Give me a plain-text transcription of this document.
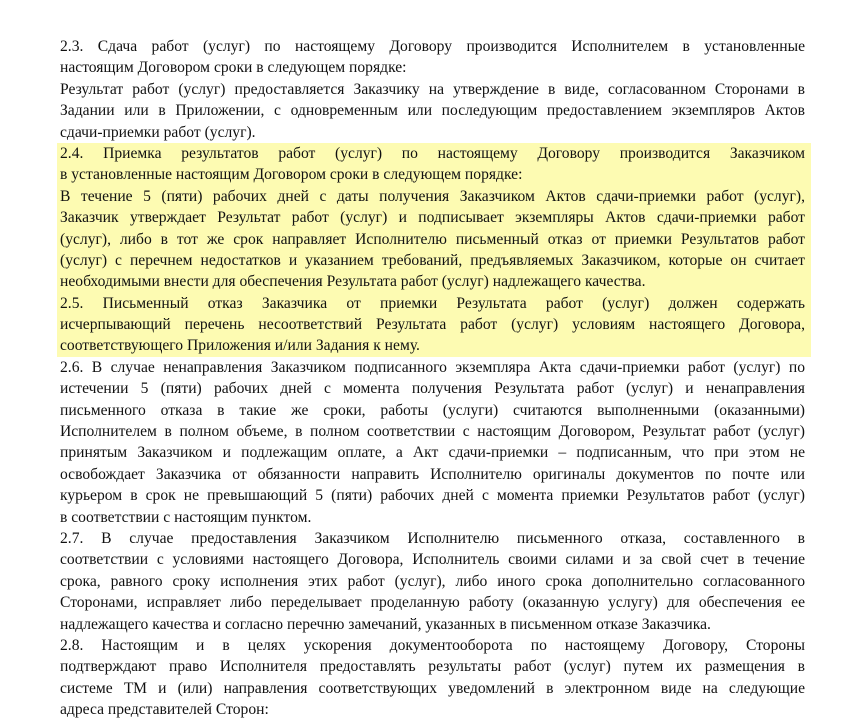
2.3. Сдача работ (услуг) по настоящему Договору производится Исполнителем в установленные
настоящим Договором сроки в следующем порядке:
Результат работ (услуг) предоставляется Заказчику на утверждение в виде, согласованном Сторонами в
Задании или в Приложении, с одновременным или последующим предоставлением экземпляров Актов
сдачи-приемки работ (услуг).
2.4. Приемка результатов работ (услуг) по настоящему Договору производится Заказчиком
в установленные настоящим Договором сроки в следующем порядке:
В течение 5 (пяти) рабочих дней с даты получения Заказчиком Актов сдачи-приемки работ (услуг),
Заказчик утверждает Результат работ (услуг) и подписывает экземпляры Актов сдачи-приемки работ
(услуг), либо в тот же срок направляет Исполнителю письменный отказ от приемки Результатов работ
(услуг) с перечнем недостатков и указанием требований, предъявляемых Заказчиком, которые он считает
необходимыми внести для обеспечения Результата работ (услуг) надлежащего качества.
2.5. Письменный отказ Заказчика от приемки Результата работ (услуг) должен содержать
исчерпывающий перечень несоответствий Результата работ (услуг) условиям настоящего Договора,
соответствующего Приложения и/или Задания к нему.
2.6. В случае ненаправления Заказчиком подписанного экземпляра Акта сдачи-приемки работ (услуг) по
истечении 5 (пяти) рабочих дней с момента получения Результата работ (услуг) и ненаправления
письменного отказа в такие же сроки, работы (услуги) считаются выполненными (оказанными)
Исполнителем в полном объеме, в полном соответствии с настоящим Договором, Результат работ (услуг)
принятым Заказчиком и подлежащим оплате, а Акт сдачи-приемки – подписанным, что при этом не
освобождает Заказчика от обязанности направить Исполнителю оригиналы документов по почте или
курьером в срок не превышающий 5 (пяти) рабочих дней с момента приемки Результатов работ (услуг)
в соответствии с настоящим пунктом.
2.7. В случае предоставления Заказчиком Исполнителю письменного отказа, составленного в
соответствии с условиями настоящего Договора, Исполнитель своими силами и за свой счет в течение
срока, равного сроку исполнения этих работ (услуг), либо иного срока дополнительно согласованного
Сторонами, исправляет либо переделывает проделанную работу (оказанную услугу) для обеспечения ее
надлежащего качества и согласно перечню замечаний, указанных в письменном отказе Заказчика.
2.8. Настоящим и в целях ускорения документооборота по настоящему Договору, Стороны
подтверждают право Исполнителя предоставлять результаты работ (услуг) путем их размещения в
системе ТМ и (или) направления соответствующих уведомлений в электронном виде на следующие
адреса представителей Сторон:
